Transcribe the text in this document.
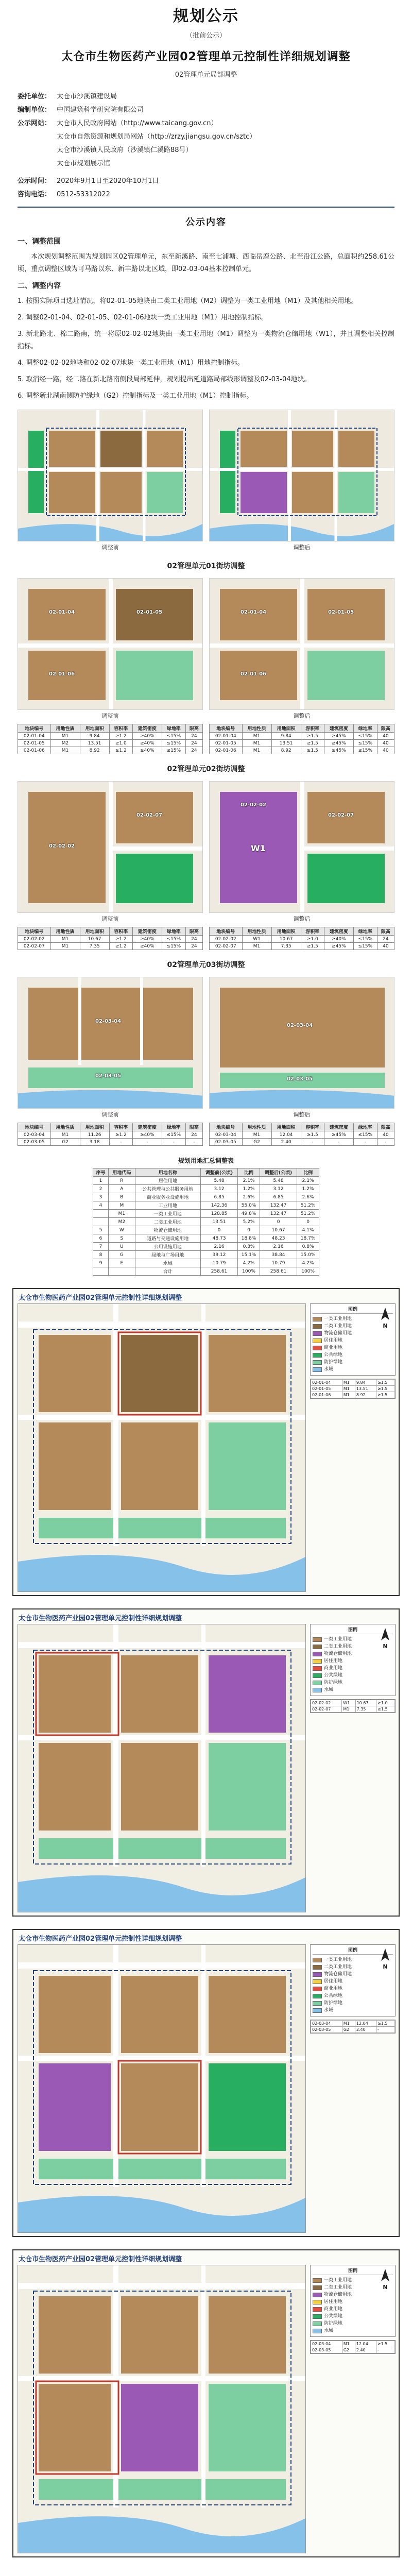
规划公示
（批前公示）
太仓市生物医药产业园02管理单元控制性详细规划调整
02管理单元局部调整
委托单位： 太仓市沙溪镇建设局
编制单位： 中国建筑科学研究院有限公司
公示网站： 太仓市人民政府网站（http://www.taicang.gov.cn）
太仓市自然资源和规划局网站（http://zrzy.jiangsu.gov.cn/sztc）
太仓市沙溪镇人民政府（沙溪镇仁溪路88号）
太仓市规划展示馆
公示时间： 2020年9月1日至2020年10月1日
咨询电话： 0512-53312022
公示内容
一、调整范围

本次规划调整范围为规划园区02管理单元，东至新溪路、南至七浦塘、西临岳鹿公路、北至沿江公路，总面积约258.61公顷，重点调整区域为可马路以东、新丰路以北区域，即02-03-04基本控制单元。

二、调整内容
1. 按照实际项目选址情况，将02-01-05地块由二类工业用地（M2）调整为一类工业用地（M1）及其他相关用地。
2. 调整02-01-04、02-01-05、02-01-06地块一类工业用地（M1）用地控制指标。
3. 新北路北、棉二路南，统一将原02-02-02地块由一类工业用地（M1）调整为一类物流仓储用地（W1），并且调整相关控制指标。
4. 调整02-02-02地块和02-02-07地块一类工业用地（M1）用地控制指标。
5. 取消经一路，经二路在新北路南侧段局部延伸，规划提出延道路局部线形调整及02-03-04地块。
6. 调整新北湖南侧防护绿地（G2）控制指标及一类工业用地（M1）控制指标。
调整前	调整后
02管理单元01街坊调整
02-01-04	02-01-05
02-01-06
调整前
02-01-04	02-01-05
02-01-06
调整后
地块编号	用地性质	用地面积	容积率	建筑密度	绿地率	限高
02-01-04	M1	9.84	≥1.2	≥40%	≤15%	24
02-01-05	M2	13.51	≥1.0	≥40%	≤15%	24
02-01-06	M1	8.92	≥1.2	≥40%	≤15%	24
地块编号	用地性质	用地面积	容积率	建筑密度	绿地率	限高
02-01-04	M1	9.84	≥1.5	≥45%	≤15%	40
02-01-05	M1	13.51	≥1.5	≥45%	≤15%	40
02-01-06	M1	8.92	≥1.5	≥45%	≤15%	40
02管理单元02街坊调整
02-02-02
02-02-07
调整前
W1
02-02-02
02-02-07
调整后
地块编号	用地性质	用地面积	容积率	建筑密度	绿地率	限高
02-02-02	M1	10.67	≥1.2	≥40%	≤15%	24
02-02-07	M1	7.35	≥1.2	≥40%	≤15%	24
地块编号	用地性质	用地面积	容积率	建筑密度	绿地率	限高
02-02-02	W1	10.67	≥1.0	≥40%	≤15%	24
02-02-07	M1	7.35	≥1.5	≥45%	≤15%	40
02管理单元03街坊调整
02-03-04
02-03-05
调整前
02-03-04
02-03-05
调整后
地块编号	用地性质	用地面积	容积率	建筑密度	绿地率	限高
02-03-04	M1	11.26	≥1.2	≥40%	≤15%	24
02-03-05	G2	3.18	-	-	-	-
地块编号	用地性质	用地面积	容积率	建筑密度	绿地率	限高
02-03-04	M1	12.04	≥1.5	≥45%	≤15%	40
02-03-05	G2	2.40	-	-	-	-
规划用地汇总调整表
序号	用地代码	用地名称	调整前(公顷)	比例	调整后(公顷)	比例
1	R	居住用地	5.48	2.1%	5.48	2.1%
2	A	公共管理与公共服务用地	3.12	1.2%	3.12	1.2%
3	B	商业服务业设施用地	6.85	2.6%	6.85	2.6%
4	M	工业用地	142.36	55.0%	132.47	51.2%
	M1	一类工业用地	128.85	49.8%	132.47	51.2%
	M2	二类工业用地	13.51	5.2%	0	0
5	W	物流仓储用地	0	0	10.67	4.1%
6	S	道路与交通设施用地	48.73	18.8%	48.23	18.7%
7	U	公用设施用地	2.16	0.8%	2.16	0.8%
8	G	绿地与广场用地	39.12	15.1%	38.84	15.0%
9	E	水域	10.79	4.2%	10.79	4.2%
		合计	258.61	100%	258.61	100%
太仓市生物医药产业园02管理单元控制性详细规划调整
图例
一类工业用地
二类工业用地
物流仓储用地
居住用地
商业用地
公共绿地
防护绿地
水域
02-01-04	M1	9.84	≥1.5
02-01-05	M1	13.51	≥1.5
02-01-06	M1	8.92	≥1.5
N
太仓市生物医药产业园02管理单元控制性详细规划调整
图例
一类工业用地
二类工业用地
物流仓储用地
居住用地
商业用地
公共绿地
防护绿地
水域
02-02-02	W1	10.67	≥1.0
02-02-07	M1	7.35	≥1.5
N
太仓市生物医药产业园02管理单元控制性详细规划调整
图例
一类工业用地
二类工业用地
物流仓储用地
居住用地
商业用地
公共绿地
防护绿地
水域
02-03-04	M1	12.04	≥1.5
02-03-05	G2	2.40	-
N
太仓市生物医药产业园02管理单元控制性详细规划调整
图例
一类工业用地
二类工业用地
物流仓储用地
居住用地
商业用地
公共绿地
防护绿地
水域
02-03-04	M1	12.04	≥1.5
02-03-05	G2	2.40	-
N
